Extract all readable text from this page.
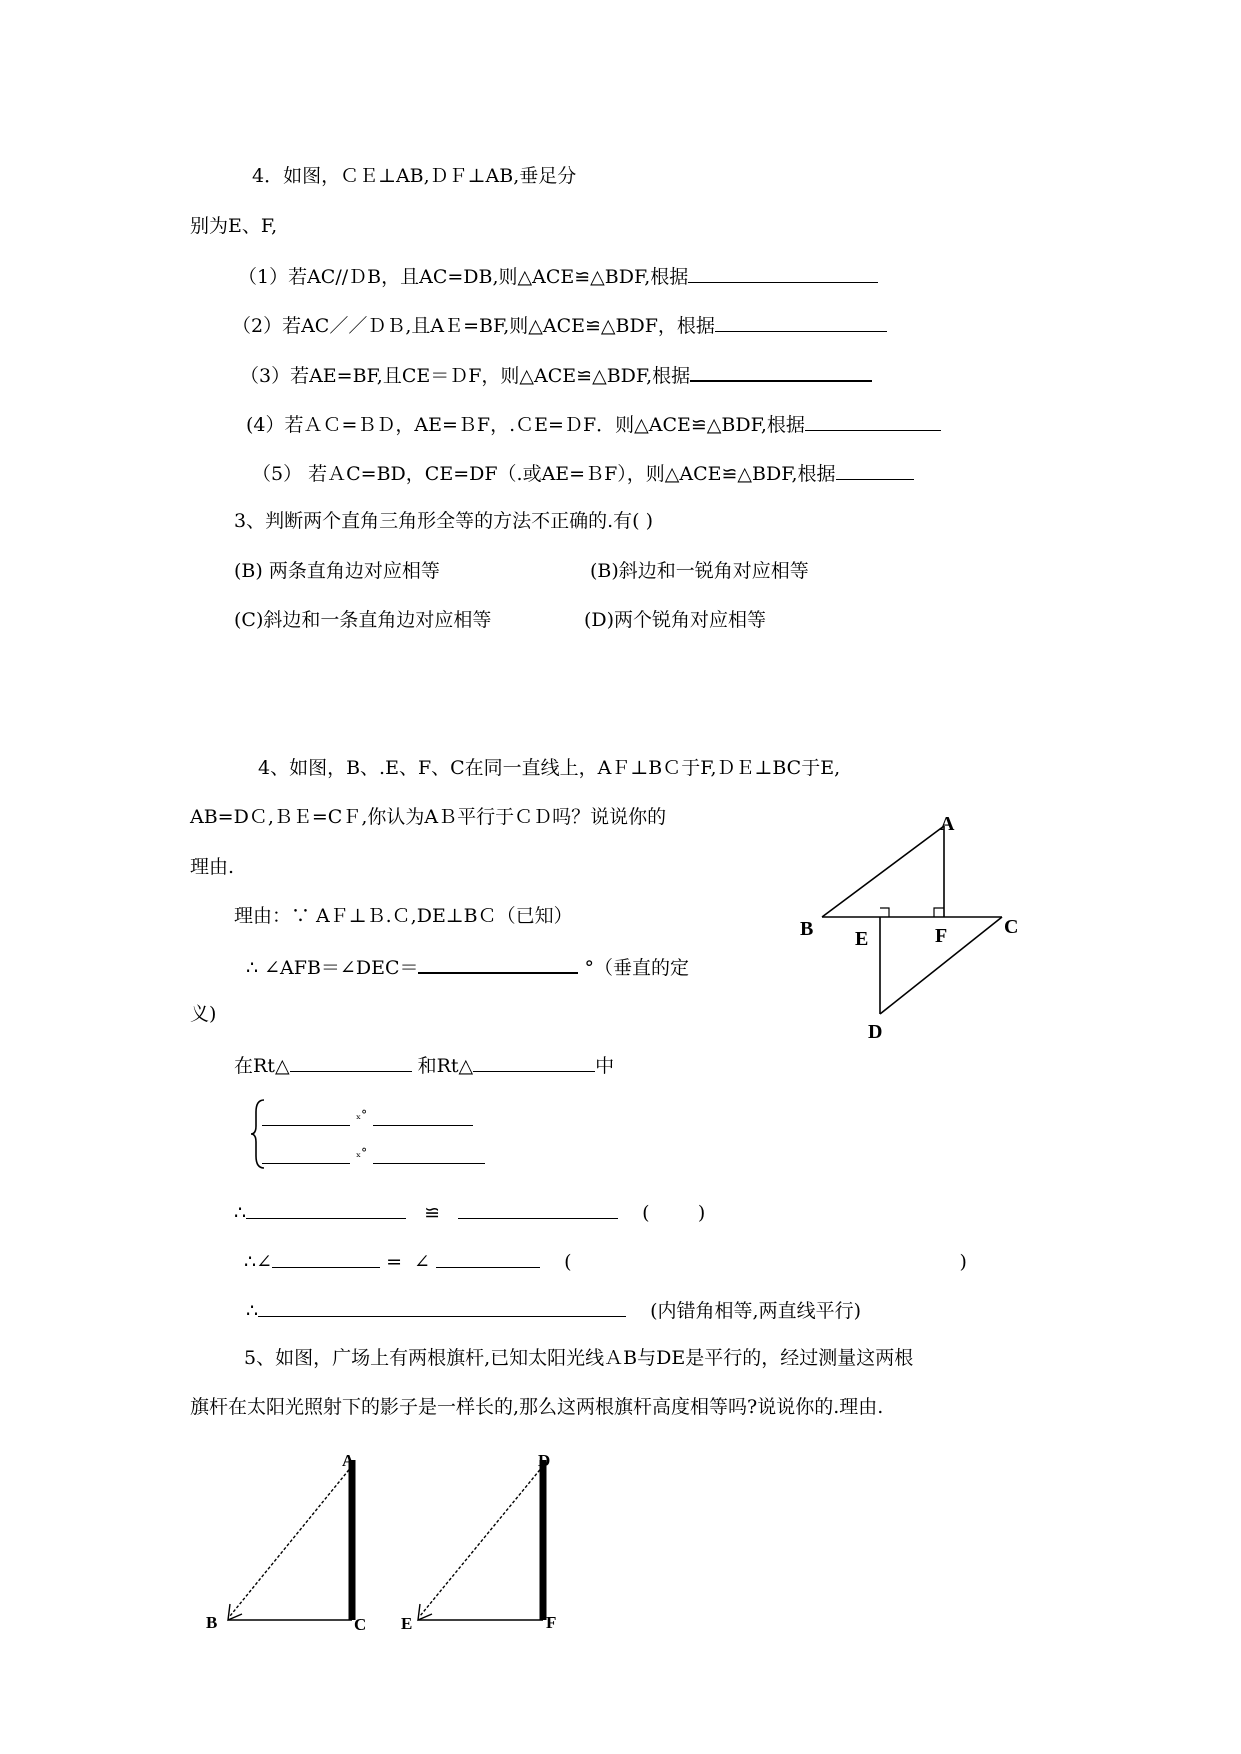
4．如图，ＣＥ⊥AB,ＤＦ⊥AB,垂足分
别为E、F,
（1）若AC//ＤB，且AC=DB,则△ACE≌△BDF,根据
（2）若AC／／ＤＢ,且AＥ=BF,则△ACE≌△BDF，根据
（3）若AE=BF,且CE＝ＤF，则△ACE≌△BDF,根据
(4）若ＡＣ=ＢＤ，AE=ＢF，.ＣE=ＤF．则△ACE≌△BDF,根据
（5） 若ＡC=BD，CE=DF（.或AE=ＢF），则△ACE≌△BDF,根据
3、判断两个直角三角形全等的方法不正确的.有( )
(B) 两条直角边对应相等	(B)斜边和一锐角对应相等
(C)斜边和一条直角边对应相等	(D)两个锐角对应相等
4、如图，B、.E、F、C在同一直线上，AＦ⊥BＣ于F,ＤＥ⊥BC于E,
AB=DＣ,ＢＥ=CＦ,你认为AＢ平行于ＣＤ吗？说说你的
理由.
理由：∵ AＦ⊥Ｂ.Ｃ,DE⊥BＣ（已知）
∴ ∠AFB＝∠DEC＝	°（垂直的定
义)
在Rt△	和Rt△	中
$^{_x^\circ}$
$^{_x^\circ}$
∴	≌	(        )
∴∠	=  ∠	(	)
∴	(内错角相等,两直线平行)
5、如图，广场上有两根旗杆,已知太阳光线ＡB与DE是平行的，经过测量这两根
旗杆在太阳光照射下的影子是一样长的,那么这两根旗杆高度相等吗?说说你的.理由.
A
B	C
D
E	F
A
B	C
D
E	F
